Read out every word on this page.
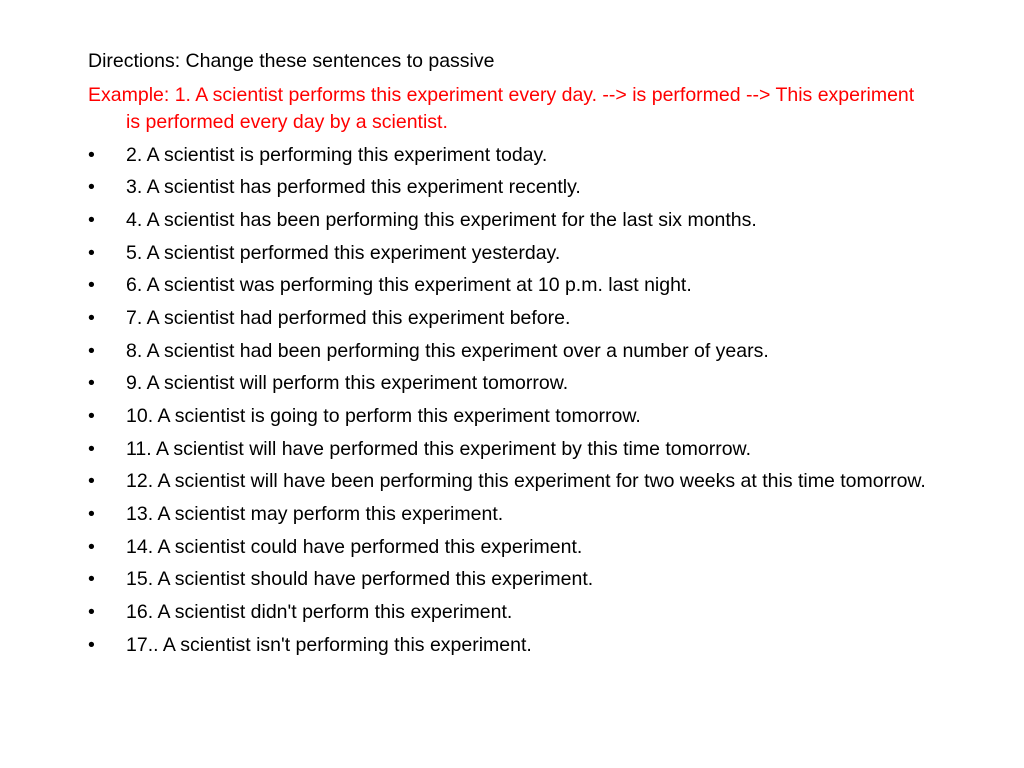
Directions: Change these sentences to passive

Example: 1. A scientist performs this experiment every day. --> is performed --> This experiment is performed every day by a scientist.

•	2. A scientist is performing this experiment today.
•	3. A scientist has performed this experiment recently.
•	4. A scientist has been performing this experiment for the last six months.
•	5. A scientist performed this experiment yesterday.
•	6. A scientist was performing this experiment at 10 p.m. last night.
•	7. A scientist had performed this experiment before.
•	8. A scientist had been performing this experiment over a number of years.
•	9. A scientist will perform this experiment tomorrow.
•	10. A scientist is going to perform this experiment tomorrow.
•	11. A scientist will have performed this experiment by this time tomorrow.
•	12. A scientist will have been performing this experiment for two weeks at this time tomorrow.
•	13. A scientist may perform this experiment.
•	14. A scientist could have performed this experiment.
•	15. A scientist should have performed this experiment.
•	16. A scientist didn't perform this experiment.
•	17.. A scientist isn't performing this experiment.
